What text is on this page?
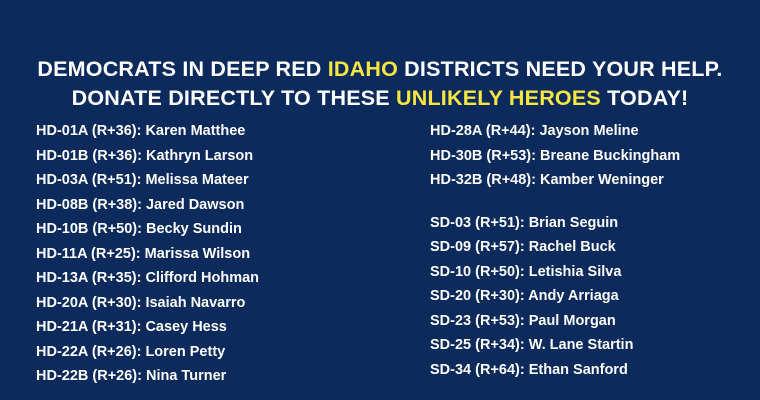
DEMOCRATS IN DEEP RED IDAHO DISTRICTS NEED YOUR HELP.
DONATE DIRECTLY TO THESE UNLIKELY HEROES TODAY!
HD-01A (R+36): Karen Matthee
HD-01B (R+36): Kathryn Larson
HD-03A (R+51): Melissa Mateer
HD-08B (R+38): Jared Dawson
HD-10B (R+50): Becky Sundin
HD-11A (R+25): Marissa Wilson
HD-13A (R+35): Clifford Hohman
HD-20A (R+30): Isaiah Navarro
HD-21A (R+31): Casey Hess
HD-22A (R+26): Loren Petty
HD-22B (R+26): Nina Turner
HD-28A (R+44): Jayson Meline
HD-30B (R+53): Breane Buckingham
HD-32B (R+48): Kamber Weninger
SD-03 (R+51): Brian Seguin
SD-09 (R+57): Rachel Buck
SD-10 (R+50): Letishia Silva
SD-20 (R+30): Andy Arriaga
SD-23 (R+53): Paul Morgan
SD-25 (R+34): W. Lane Startin
SD-34 (R+64): Ethan Sanford
